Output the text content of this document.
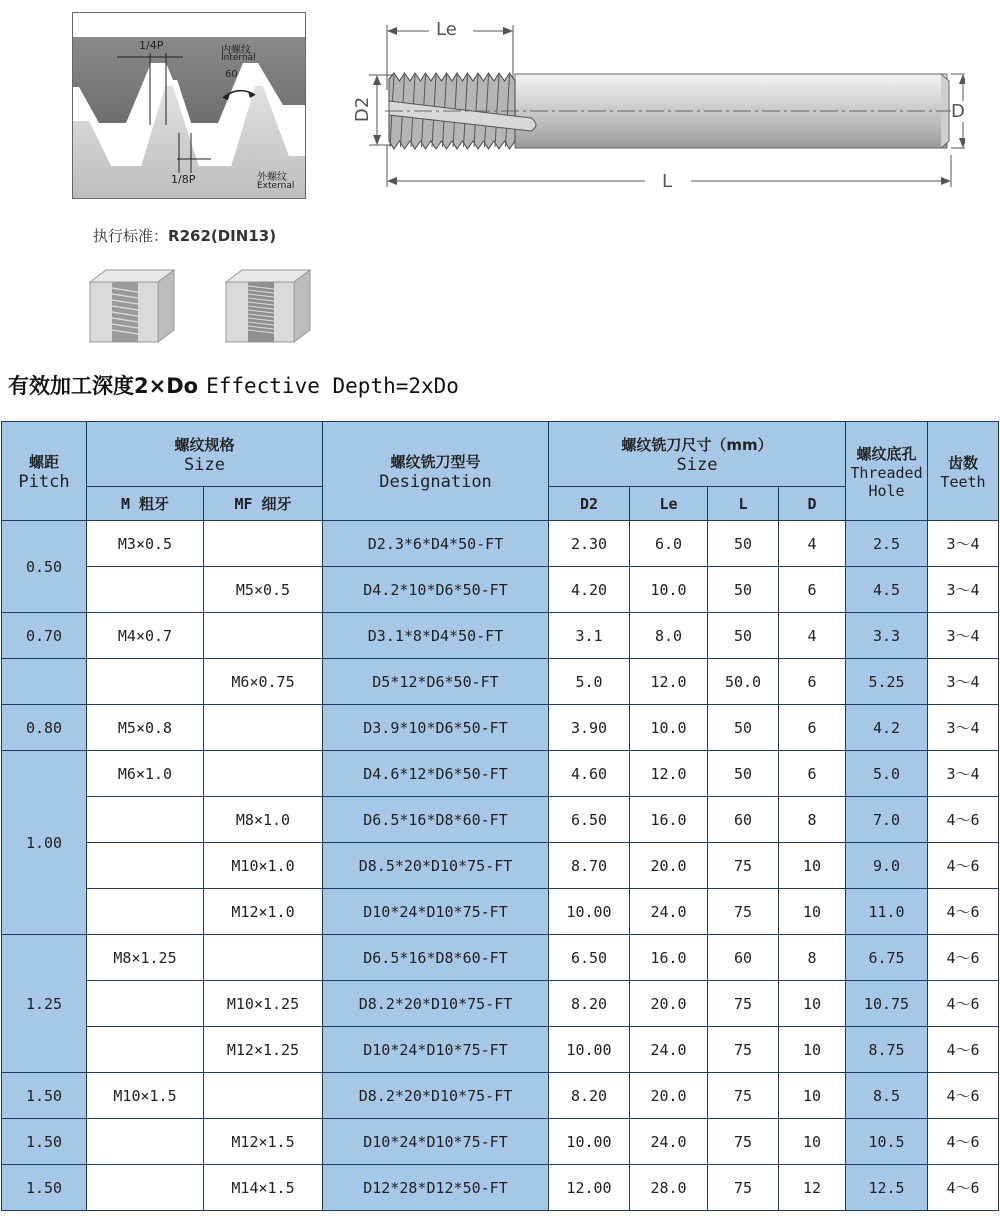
1/4P	内螺纹
Internal
60
1/8P	外螺纹
External
Le
D2	D
L
执行标准：R262(DIN13)
有效加工深度2×Do Effective Depth=2xDo
螺距
Pitch	螺纹规格
Size		螺纹铣刀型号
Designation	螺纹铣刀尺寸（mm）
Size				螺纹底孔
Threaded
Hole	齿数
Teeth

	M 粗牙	MF 细牙		D2	Le	L	D		
0.50	M3×0.5		D2.3*6*D4*50-FT	2.30	6.0	50	4	2.5	3～4
		M5×0.5	D4.2*10*D6*50-FT	4.20	10.0	50	6	4.5	3～4
0.70	M4×0.7		D3.1*8*D4*50-FT	3.1	8.0	50	4	3.3	3～4
		M6×0.75	D5*12*D6*50-FT	5.0	12.0	50.0	6	5.25	3～4
0.80	M5×0.8		D3.9*10*D6*50-FT	3.90	10.0	50	6	4.2	3～4
1.00	M6×1.0		D4.6*12*D6*50-FT	4.60	12.0	50	6	5.0	3～4
		M8×1.0	D6.5*16*D8*60-FT	6.50	16.0	60	8	7.0	4～6
		M10×1.0	D8.5*20*D10*75-FT	8.70	20.0	75	10	9.0	4～6
		M12×1.0	D10*24*D10*75-FT	10.00	24.0	75	10	11.0	4～6
1.25	M8×1.25		D6.5*16*D8*60-FT	6.50	16.0	60	8	6.75	4～6
		M10×1.25	D8.2*20*D10*75-FT	8.20	20.0	75	10	10.75	4～6
		M12×1.25	D10*24*D10*75-FT	10.00	24.0	75	10	8.75	4～6
1.50	M10×1.5		D8.2*20*D10*75-FT	8.20	20.0	75	10	8.5	4～6
1.50		M12×1.5	D10*24*D10*75-FT	10.00	24.0	75	10	10.5	4～6
1.50		M14×1.5	D12*28*D12*50-FT	12.00	28.0	75	12	12.5	4～6
